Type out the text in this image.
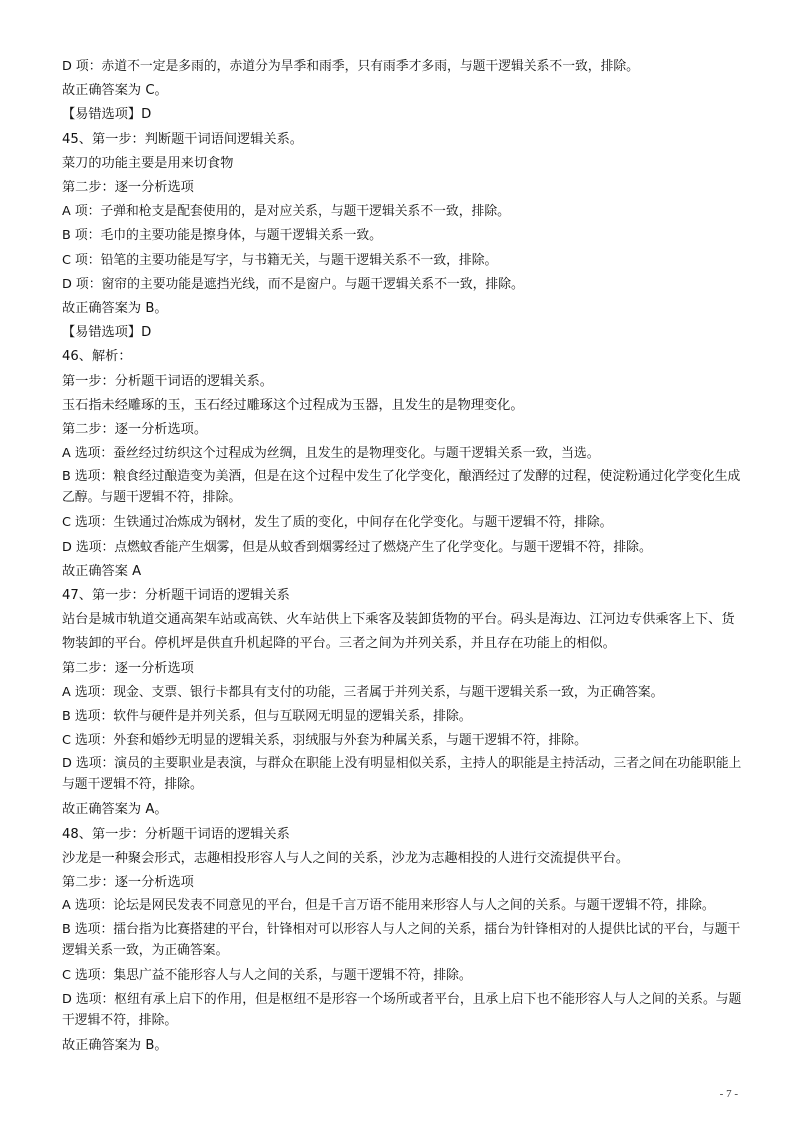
D 项：赤道不一定是多雨的，赤道分为旱季和雨季，只有雨季才多雨，与题干逻辑关系不一致，排除。
故正确答案为 C。
【易错选项】D
45、第一步：判断题干词语间逻辑关系。
菜刀的功能主要是用来切食物
第二步：逐一分析选项
A 项：子弹和枪支是配套使用的，是对应关系，与题干逻辑关系不一致，排除。
B 项：毛巾的主要功能是擦身体，与题干逻辑关系一致。
C 项：铅笔的主要功能是写字，与书籍无关，与题干逻辑关系不一致，排除。
D 项：窗帘的主要功能是遮挡光线，而不是窗户。与题干逻辑关系不一致，排除。
故正确答案为 B。
【易错选项】D
46、解析：
第一步：分析题干词语的逻辑关系。
玉石指未经雕琢的玉，玉石经过雕琢这个过程成为玉器，且发生的是物理变化。
第二步：逐一分析选项。
A 选项：蚕丝经过纺织这个过程成为丝绸，且发生的是物理变化。与题干逻辑关系一致，当选。
B 选项：粮食经过酿造变为美酒，但是在这个过程中发生了化学变化，酿酒经过了发酵的过程，使淀粉通过化学变化生成乙醇。与题干逻辑不符，排除。
C 选项：生铁通过冶炼成为钢材，发生了质的变化，中间存在化学变化。与题干逻辑不符，排除。
D 选项：点燃蚊香能产生烟雾，但是从蚊香到烟雾经过了燃烧产生了化学变化。与题干逻辑不符，排除。
故正确答案 A
47、第一步：分析题干词语的逻辑关系
站台是城市轨道交通高架车站或高铁、火车站供上下乘客及装卸货物的平台。码头是海边、江河边专供乘客上下、货物装卸的平台。停机坪是供直升机起降的平台。三者之间为并列关系，并且存在功能上的相似。
第二步：逐一分析选项
A 选项：现金、支票、银行卡都具有支付的功能，三者属于并列关系，与题干逻辑关系一致，为正确答案。
B 选项：软件与硬件是并列关系，但与互联网无明显的逻辑关系，排除。
C 选项：外套和婚纱无明显的逻辑关系，羽绒服与外套为种属关系，与题干逻辑不符，排除。
D 选项：演员的主要职业是表演，与群众在职能上没有明显相似关系，主持人的职能是主持活动，三者之间在功能职能上与题干逻辑不符，排除。
故正确答案为 A。
48、第一步：分析题干词语的逻辑关系
沙龙是一种聚会形式，志趣相投形容人与人之间的关系，沙龙为志趣相投的人进行交流提供平台。
第二步：逐一分析选项
A 选项：论坛是网民发表不同意见的平台，但是千言万语不能用来形容人与人之间的关系。与题干逻辑不符，排除。
B 选项：擂台指为比赛搭建的平台，针锋相对可以形容人与人之间的关系，擂台为针锋相对的人提供比试的平台，与题干逻辑关系一致，为正确答案。
C 选项：集思广益不能形容人与人之间的关系，与题干逻辑不符，排除。
D 选项：枢纽有承上启下的作用，但是枢纽不是形容一个场所或者平台，且承上启下也不能形容人与人之间的关系。与题干逻辑不符，排除。
故正确答案为 B。
- 7 -
